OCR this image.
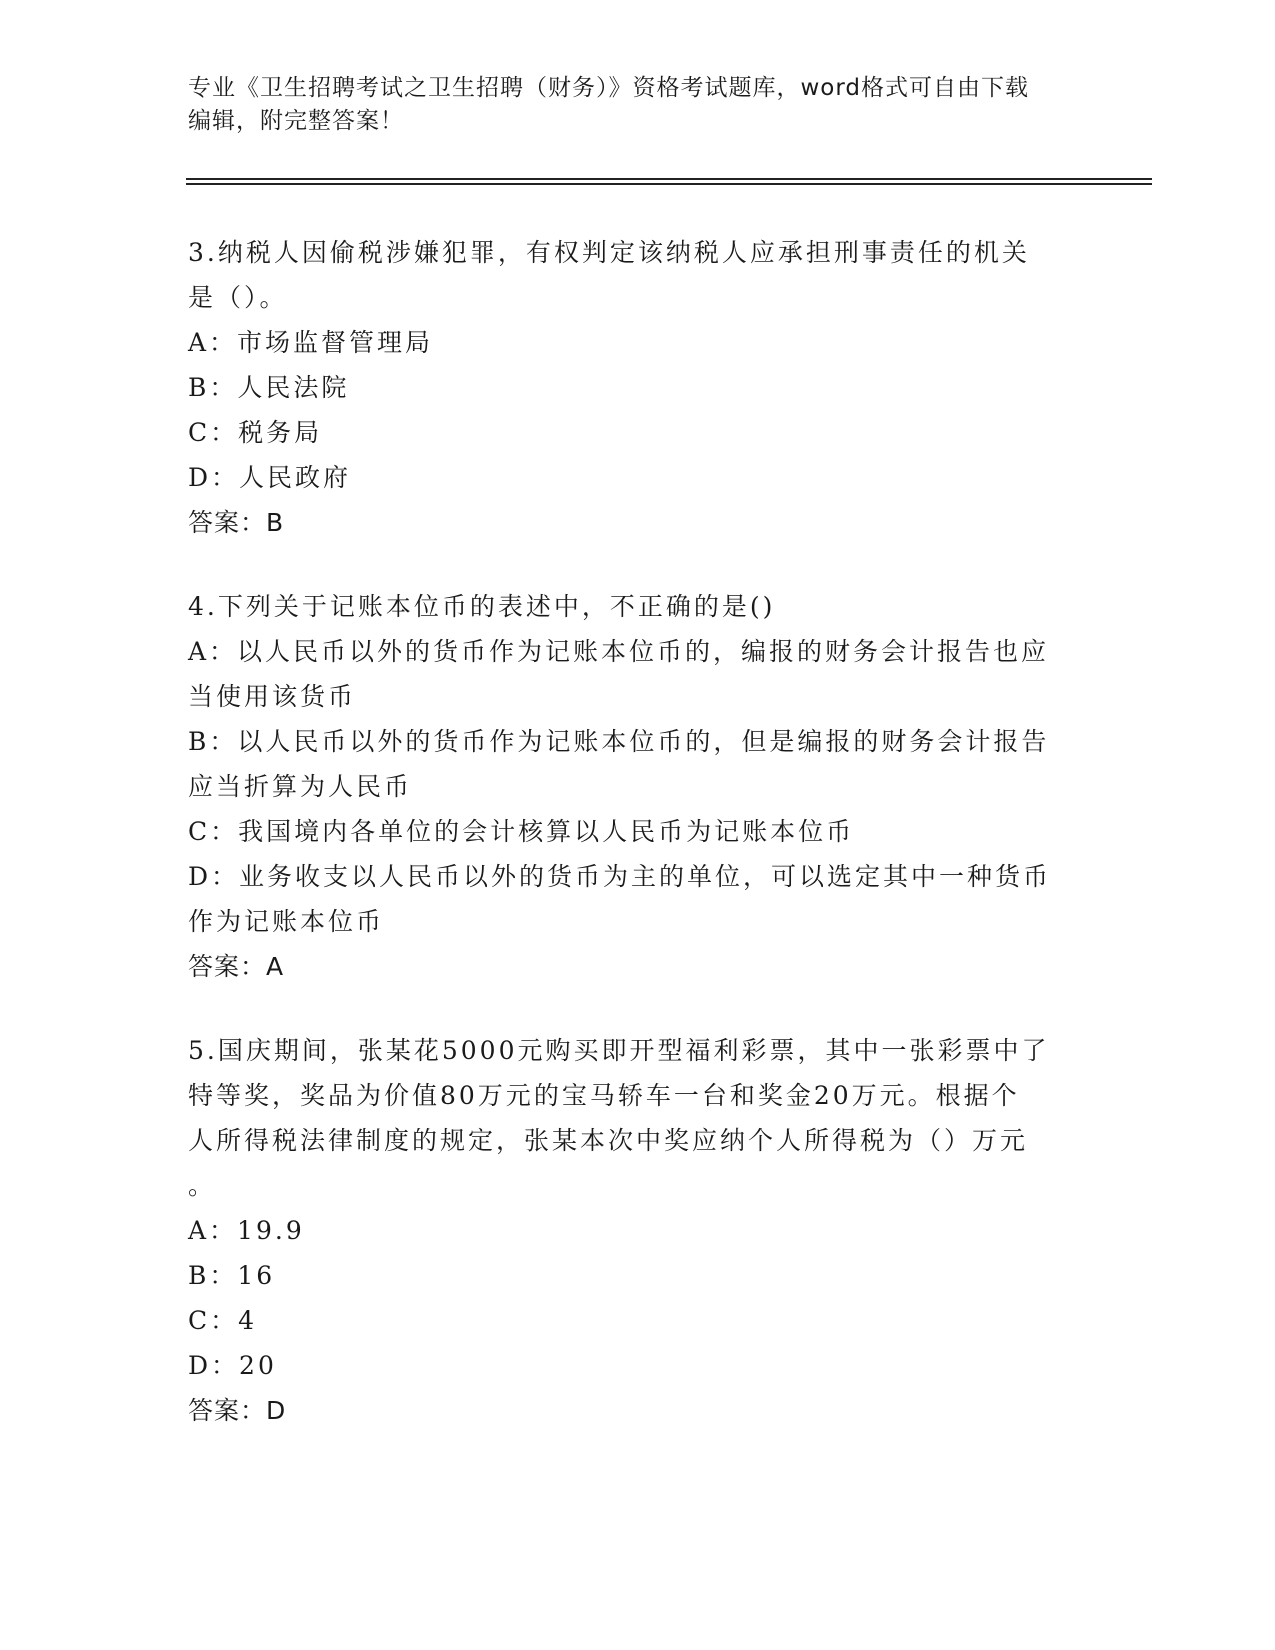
专业《卫生招聘考试之卫生招聘（财务）》资格考试题库，word格式可自由下载
编辑，附完整答案！
3.纳税人因偷税涉嫌犯罪，有权判定该纳税人应承担刑事责任的机关
是（）。
A：市场监督管理局
B：人民法院
C：税务局
D：人民政府
答案：B
4.下列关于记账本位币的表述中，不正确的是()
A：以人民币以外的货币作为记账本位币的，编报的财务会计报告也应
当使用该货币
B：以人民币以外的货币作为记账本位币的，但是编报的财务会计报告
应当折算为人民币
C：我国境内各单位的会计核算以人民币为记账本位币
D：业务收支以人民币以外的货币为主的单位，可以选定其中一种货币
作为记账本位币
答案：A
5.国庆期间，张某花5000元购买即开型福利彩票，其中一张彩票中了
特等奖，奖品为价值80万元的宝马轿车一台和奖金20万元。根据个
人所得税法律制度的规定，张某本次中奖应纳个人所得税为（）万元
。
A：19.9
B：16
C：4
D：20
答案：D
